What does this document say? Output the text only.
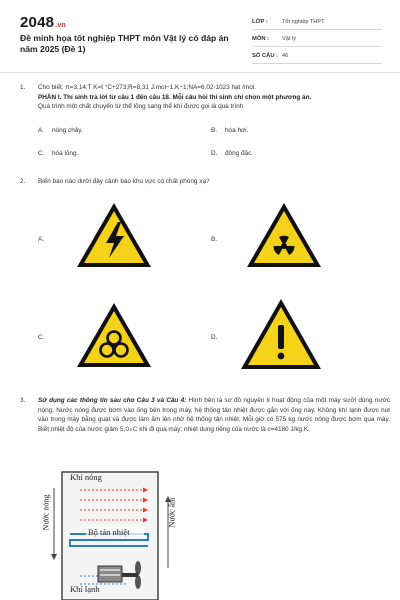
2048.vn
Đề minh họa tốt nghiệp THPT môn Vật lý có đáp án năm 2025 (Đề 1)
LỚP :	Tốt nghiệp THPT
MÔN :	Vật lý
SỐ CÂU : 46
1.	Cho biết: π=3,14;T K=t °C+273;R=8,31 J.mol−1.K−1;NA=6,02⋅1023 hạt /mol.
PHẦN I. Thí sinh trả lời từ câu 1 đến câu 18. Mỗi câu hỏi thí sinh chỉ chọn một phương án.
Quá trình một chất chuyển từ thể lỏng sang thể khí được gọi là quá trình
A. nóng chảy.	B. hóa hơi.
C. hóa lỏng.	D. đông đặc.
2.	Biển báo nào dưới đây cảnh báo khu vực có chất phóng xạ?
A.	B.
C.	D.
3.	Sử dụng các thông tin sau cho Câu 3 và Câu 4: Hình bên là sơ đồ nguyên lí hoạt động của một máy sưởi dùng nước nóng. Nước nóng được bơm vào ống bên trong máy, hệ thống tản nhiệt được gắn với ống này. Không khí lạnh được hút vào trong máy bằng quạt và được làm ấm lên nhờ hệ thống tản nhiệt. Mỗi giờ có 575 kg nước nóng được bơm qua máy. Biết nhiệt độ của nước giảm 5,0∘C khi đi qua máy; nhiệt dung riêng của nước là c=4180 J/kg.K.
Khí nóng
Bộ tản nhiệt
Khí lạnh
Nước nóng	Nước ấm
